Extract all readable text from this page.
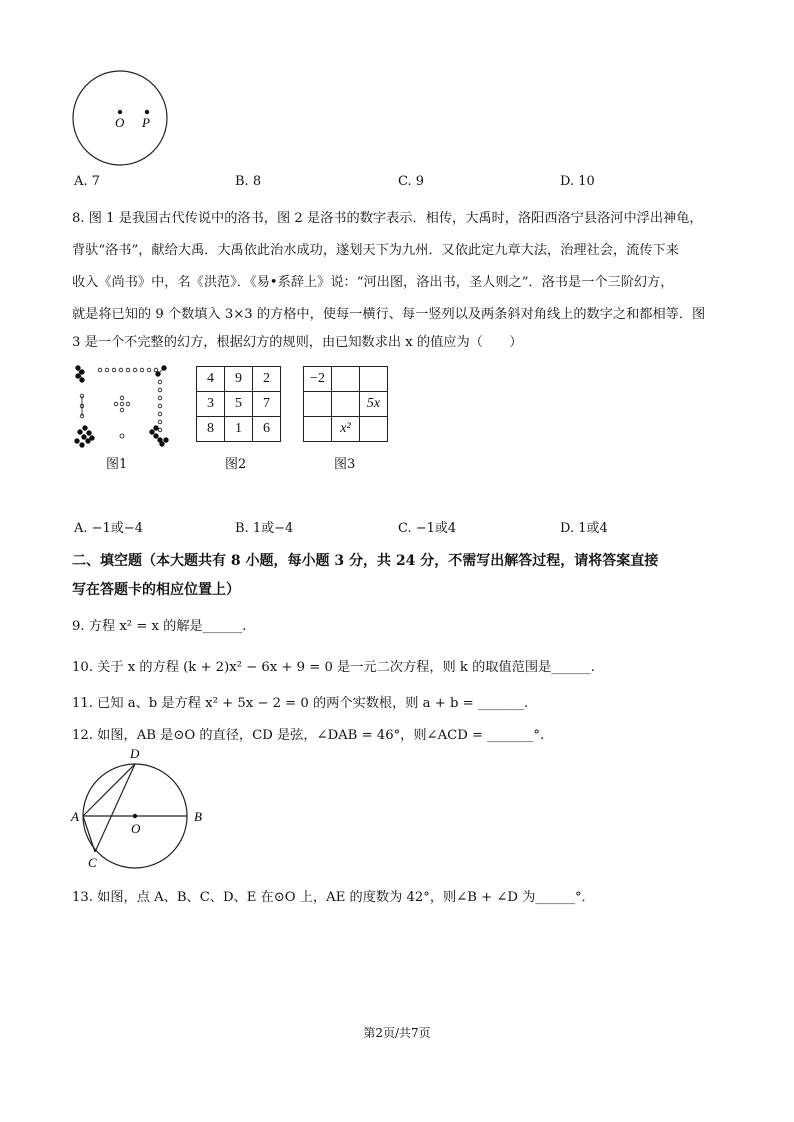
O P
A. 7	B. 8	C. 9	D. 10
8. 图 1 是我国古代传说中的洛书，图 2 是洛书的数字表示．相传，大禹时，洛阳西洛宁县洛河中浮出神龟，
背驮“洛书”，献给大禹．大禹依此治水成功，遂划天下为九州．又依此定九章大法，治理社会，流传下来
收入《尚书》中，名《洪范》．《易•系辞上》说：“河出图，洛出书，圣人则之”．洛书是一个三阶幻方，
就是将已知的 9 个数填入 3×3 的方格中，使每一横行、每一竖列以及两条斜对角线上的数字之和都相等．图
3 是一个不完整的幻方，根据幻方的规则，由已知数求出 x 的值应为（　　）
4	9	2
3	5	7
8	1	6
−2		
		5x
	x²	
图1	图2	图3
A. −1或−4	B. 1或−4	C. −1或4	D. 1或4
二、填空题（本大题共有 8 小题，每小题 3 分，共 24 分，不需写出解答过程，请将答案直接
写在答题卡的相应位置上）
9. 方程 x² = x 的解是______.
10. 关于 x 的方程 (k + 2)x² − 6x + 9 = 0 是一元二次方程，则 k 的取值范围是______.
11. 已知 a、b 是方程 x² + 5x − 2 = 0 的两个实数根，则 a + b = _______.
12. 如图，AB 是⊙O 的直径，CD 是弦，∠DAB = 46°，则∠ACD = _______°.
D
A	B
O
C
13. 如图，点 A、B、C、D、E 在⊙O 上，AE 的度数为 42°，则∠B + ∠D 为______°．
第2页/共7页
